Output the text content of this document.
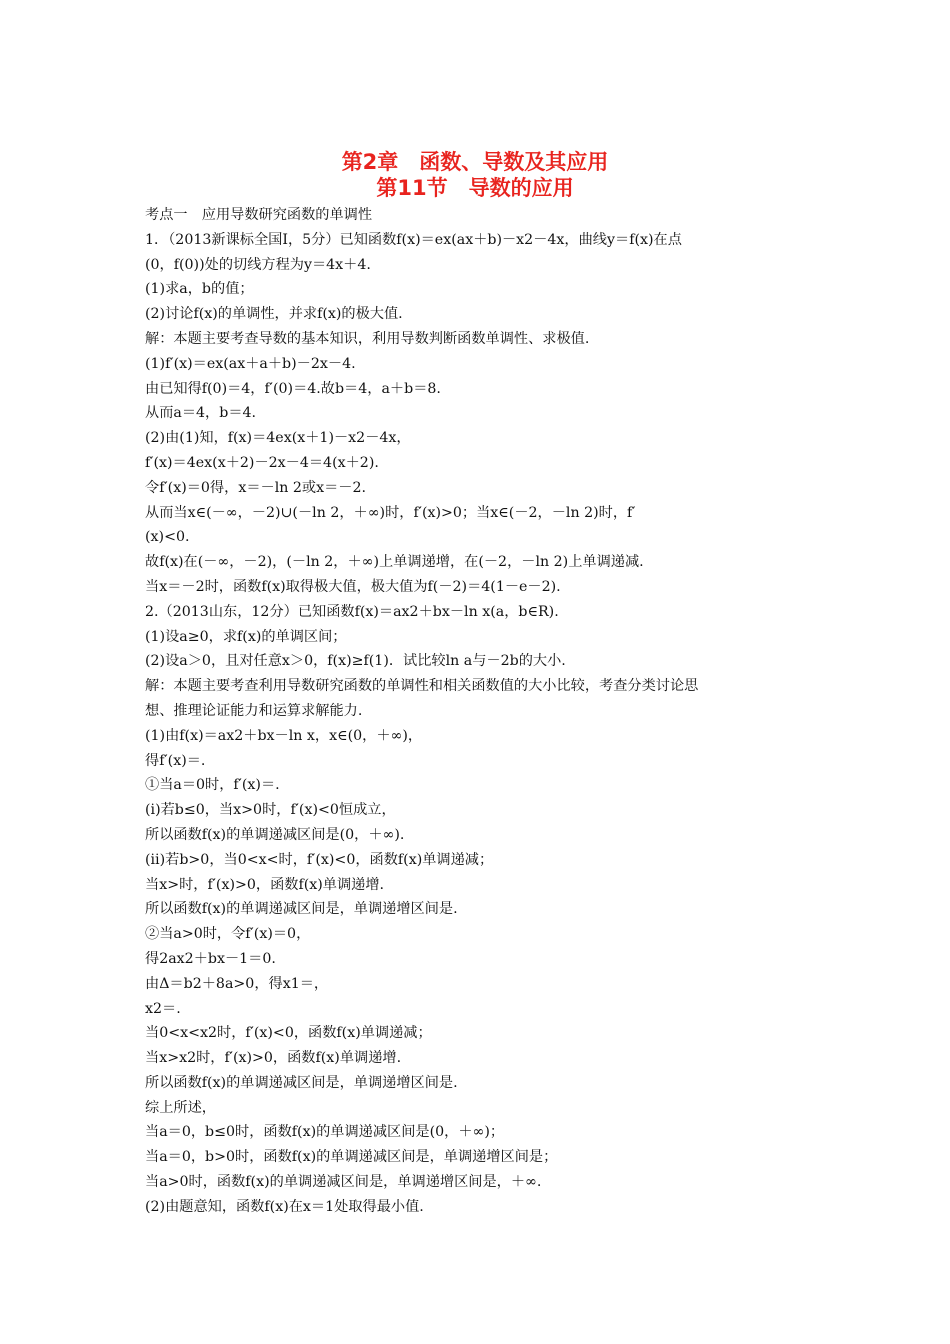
第2章　函数、导数及其应用
第11节　导数的应用
考点一　应用导数研究函数的单调性
1．（2013新课标全国Ⅰ，5分）已知函数f(x)＝ex(ax＋b)－x2－4x，曲线y＝f(x)在点
(0，f(0))处的切线方程为y＝4x＋4.
(1)求a，b的值；
(2)讨论f(x)的单调性，并求f(x)的极大值.
解：本题主要考查导数的基本知识，利用导数判断函数单调性、求极值.
(1)f′(x)＝ex(ax＋a＋b)－2x－4.
由已知得f(0)＝4，f′(0)＝4.故b＝4，a＋b＝8.
从而a＝4，b＝4.
(2)由(1)知，f(x)＝4ex(x＋1)－x2－4x，
f′(x)＝4ex(x＋2)－2x－4＝4(x＋2).
令f′(x)＝0得，x＝－ln 2或x＝－2.
从而当x∈(－∞，－2)∪(－ln 2，＋∞)时，f′(x)>0；当x∈(－2，－ln 2)时，f′
(x)<0.
故f(x)在(－∞，－2)，(－ln 2，＋∞)上单调递增，在(－2，－ln 2)上单调递减.
当x＝－2时，函数f(x)取得极大值，极大值为f(－2)＝4(1－e－2).
2.（2013山东，12分）已知函数f(x)＝ax2＋bx－ln x(a，b∈R).
(1)设a≥0，求f(x)的单调区间；
(2)设a＞0，且对任意x＞0，f(x)≥f(1)．试比较ln a与－2b的大小.
解：本题主要考查利用导数研究函数的单调性和相关函数值的大小比较，考查分类讨论思
想、推理论证能力和运算求解能力.
(1)由f(x)＝ax2＋bx－ln x，x∈(0，＋∞)，
得f′(x)＝.
①当a＝0时，f′(x)＝.
(ⅰ)若b≤0，当x>0时，f′(x)<0恒成立，
所以函数f(x)的单调递减区间是(0，＋∞).
(ⅱ)若b>0，当0<x<时，f′(x)<0，函数f(x)单调递减；
当x>时，f′(x)>0，函数f(x)单调递增.
所以函数f(x)的单调递减区间是，单调递增区间是.
②当a>0时，令f′(x)＝0，
得2ax2＋bx－1＝0.
由Δ＝b2＋8a>0，得x1＝，
x2＝.
当0<x<x2时，f′(x)<0，函数f(x)单调递减；
当x>x2时，f′(x)>0，函数f(x)单调递增.
所以函数f(x)的单调递减区间是，单调递增区间是.
综上所述，
当a＝0，b≤0时，函数f(x)的单调递减区间是(0，＋∞)；
当a＝0，b>0时，函数f(x)的单调递减区间是，单调递增区间是；
当a>0时，函数f(x)的单调递减区间是，单调递增区间是，＋∞.
(2)由题意知，函数f(x)在x＝1处取得最小值.
